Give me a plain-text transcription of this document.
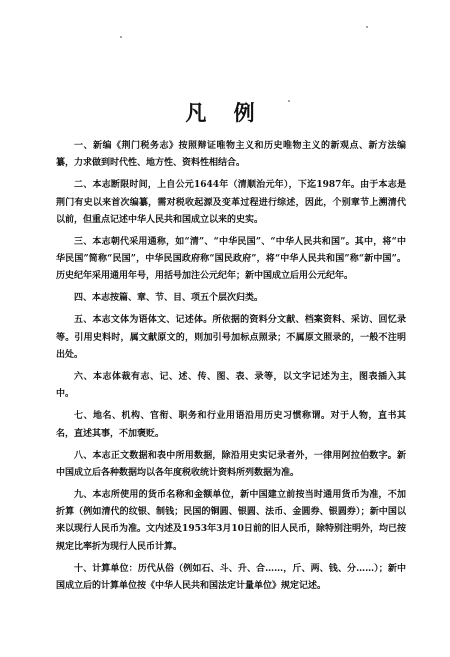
凡 例

一、新编《荆门税务志》按照辩证唯物主义和历史唯物主义的新观点、新方法编纂，力求做到时代性、地方性、资料性相结合。

二、本志断限时间，上自公元1644年（清顺治元年），下迄1987年。由于本志是荆门有史以来首次编纂，需对税收起源及变革过程进行综述，因此，个别章节上溯清代以前，但重点记述中华人民共和国成立以来的史实。

三、本志朝代采用通称，如“清”、“中华民国”、“中华人民共和国”。其中，将“中华民国”简称“民国”，中华民国政府称“国民政府”，将“中华人民共和国”称“新中国”。历史纪年采用通用年号，用括号加注公元纪年；新中国成立后用公元纪年。

四、本志按篇、章、节、目、项五个层次归类。

五、本志文体为语体文、记述体。所依据的资料分文献、档案资料、采访、回忆录等。引用史料时，属文献原文的，则加引号加标点照录；不属原文照录的，一般不注明出处。

六、本志体裁有志、记、述、传、图、表、录等，以文字记述为主，图表插入其中。

七、地名、机构、官衔、职务和行业用语沿用历史习惯称谓。对于人物，直书其名，直述其事，不加褒贬。

八、本志正文数据和表中所用数据，除沿用史实记录者外，一律用阿拉伯数字。新中国成立后各种数据均以各年度税收统计资料所列数据为准。

九、本志所使用的货币名称和金额单位，新中国建立前按当时通用货币为准，不加折算（例如清代的纹银、制钱；民国的铜圆、银圆、法币、金圆券、银圆券）；新中国以来以现行人民币为准。文内述及1953年3月10日前的旧人民币，除特别注明外，均已按规定比率折为现行人民币计算。

十、计算单位：历代从俗（例如石、斗、升、合……，斤、两、钱、分……）；新中国成立后的计算单位按《中华人民共和国法定计量单位》规定记述。
